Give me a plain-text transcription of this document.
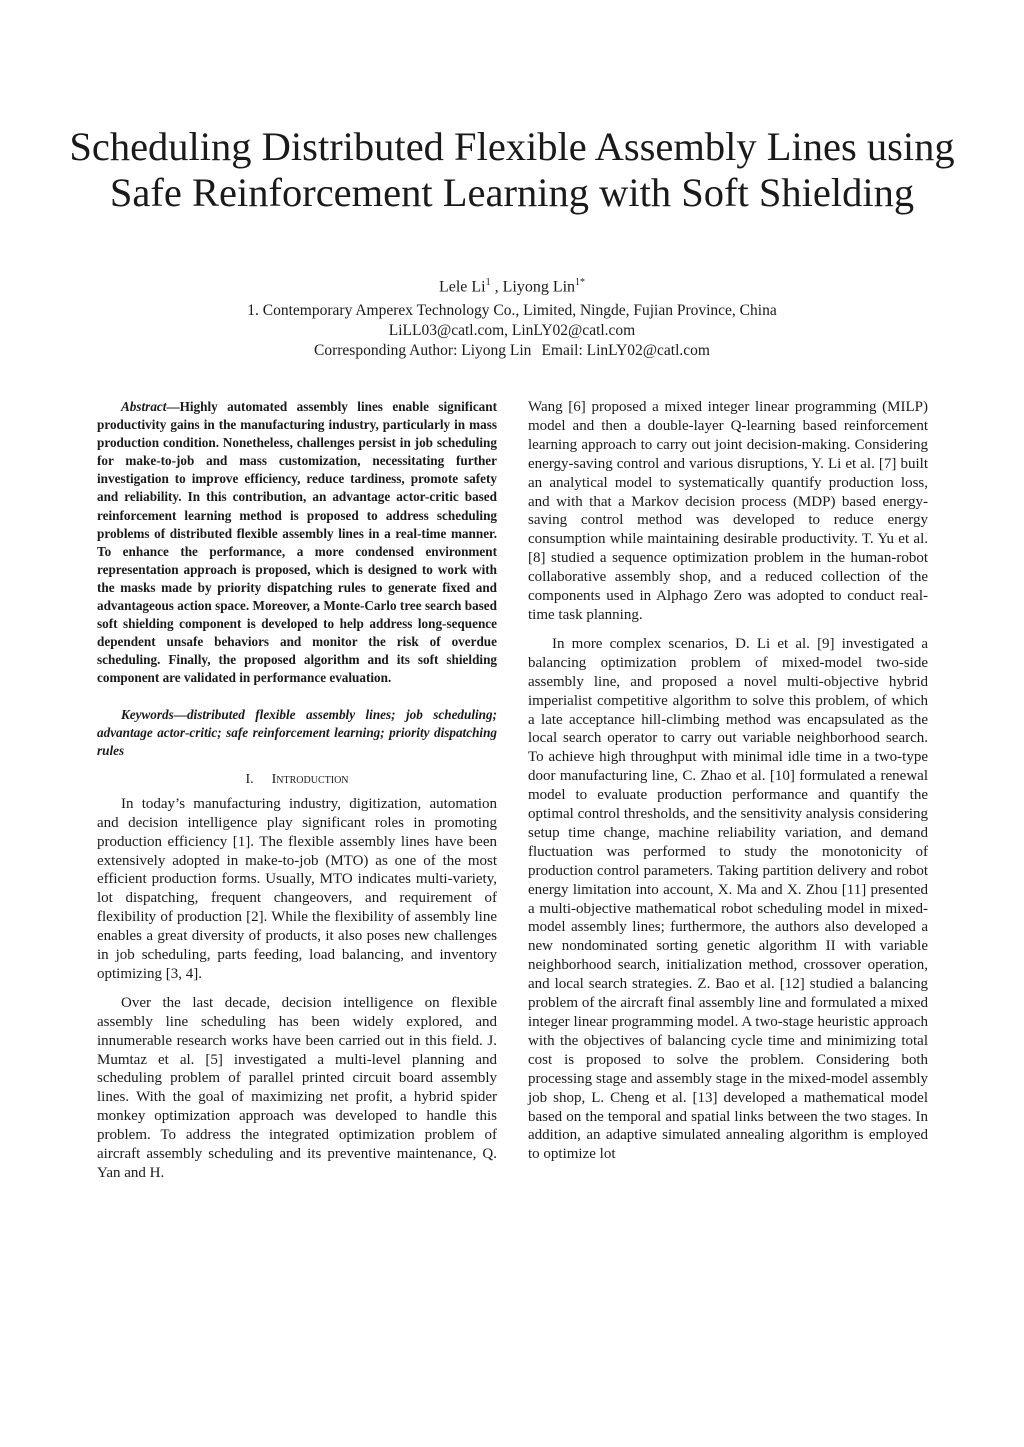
Scheduling Distributed Flexible Assembly Lines using Safe Reinforcement Learning with Soft Shielding
Lele Li$^1$ , Liyong Lin$^{1*}$
1. Contemporary Amperex Technology Co., Limited, Ningde, Fujian Province, China
LiLL03@catl.com, LinLY02@catl.com
Corresponding Author: Liyong Lin Email: LinLY02@catl.com

Abstract—Highly automated assembly lines enable significant productivity gains in the manufacturing industry, particularly in mass production condition. Nonetheless, challenges persist in job scheduling for make-to-job and mass customization, necessitating further investigation to improve efficiency, reduce tardiness, promote safety and reliability. In this contribution, an advantage actor-critic based reinforcement learning method is proposed to address scheduling problems of distributed flexible assembly lines in a real-time manner. To enhance the performance, a more condensed environment representation approach is proposed, which is designed to work with the masks made by priority dispatching rules to generate fixed and advantageous action space. Moreover, a Monte-Carlo tree search based soft shielding component is developed to help address long-sequence dependent unsafe behaviors and monitor the risk of overdue scheduling. Finally, the proposed algorithm and its soft shielding component are validated in performance evaluation.

Keywords—distributed flexible assembly lines; job scheduling; advantage actor-critic; safe reinforcement learning; priority dispatching rules

I. Introduction

In today’s manufacturing industry, digitization, automation and decision intelligence play significant roles in promoting production efficiency [1]. The flexible assembly lines have been extensively adopted in make-to-job (MTO) as one of the most efficient production forms. Usually, MTO indicates multi-variety, lot dispatching, frequent changeovers, and requirement of flexibility of production [2]. While the flexibility of assembly line enables a great diversity of products, it also poses new challenges in job scheduling, parts feeding, load balancing, and inventory optimizing [3, 4].

Over the last decade, decision intelligence on flexible assembly line scheduling has been widely explored, and innumerable research works have been carried out in this field. J. Mumtaz et al. [5] investigated a multi-level planning and scheduling problem of parallel printed circuit board assembly lines. With the goal of maximizing net profit, a hybrid spider monkey optimization approach was developed to handle this problem. To address the integrated optimization problem of aircraft assembly scheduling and its preventive maintenance, Q. Yan and H.

Wang [6] proposed a mixed integer linear programming (MILP) model and then a double-layer Q-learning based reinforcement learning approach to carry out joint decision-making. Considering energy-saving control and various disruptions, Y. Li et al. [7] built an analytical model to systematically quantify production loss, and with that a Markov decision process (MDP) based energy-saving control method was developed to reduce energy consumption while maintaining desirable productivity. T. Yu et al. [8] studied a sequence optimization problem in the human-robot collaborative assembly shop, and a reduced collection of the components used in Alphago Zero was adopted to conduct real-time task planning.

In more complex scenarios, D. Li et al. [9] investigated a balancing optimization problem of mixed-model two-side assembly line, and proposed a novel multi-objective hybrid imperialist competitive algorithm to solve this problem, of which a late acceptance hill-climbing method was encapsulated as the local search operator to carry out variable neighborhood search. To achieve high throughput with minimal idle time in a two-type door manufacturing line, C. Zhao et al. [10] formulated a renewal model to evaluate production performance and quantify the optimal control thresholds, and the sensitivity analysis considering setup time change, machine reliability variation, and demand fluctuation was performed to study the monotonicity of production control parameters. Taking partition delivery and robot energy limitation into account, X. Ma and X. Zhou [11] presented a multi-objective mathematical robot scheduling model in mixed-model assembly lines; furthermore, the authors also developed a new nondominated sorting genetic algorithm II with variable neighborhood search, initialization method, crossover operation, and local search strategies. Z. Bao et al. [12] studied a balancing problem of the aircraft final assembly line and formulated a mixed integer linear programming model. A two-stage heuristic approach with the objectives of balancing cycle time and minimizing total cost is proposed to solve the problem. Considering both processing stage and assembly stage in the mixed-model assembly job shop, L. Cheng et al. [13] developed a mathematical model based on the temporal and spatial links between the two stages. In addition, an adaptive simulated annealing algorithm is employed to optimize lot
